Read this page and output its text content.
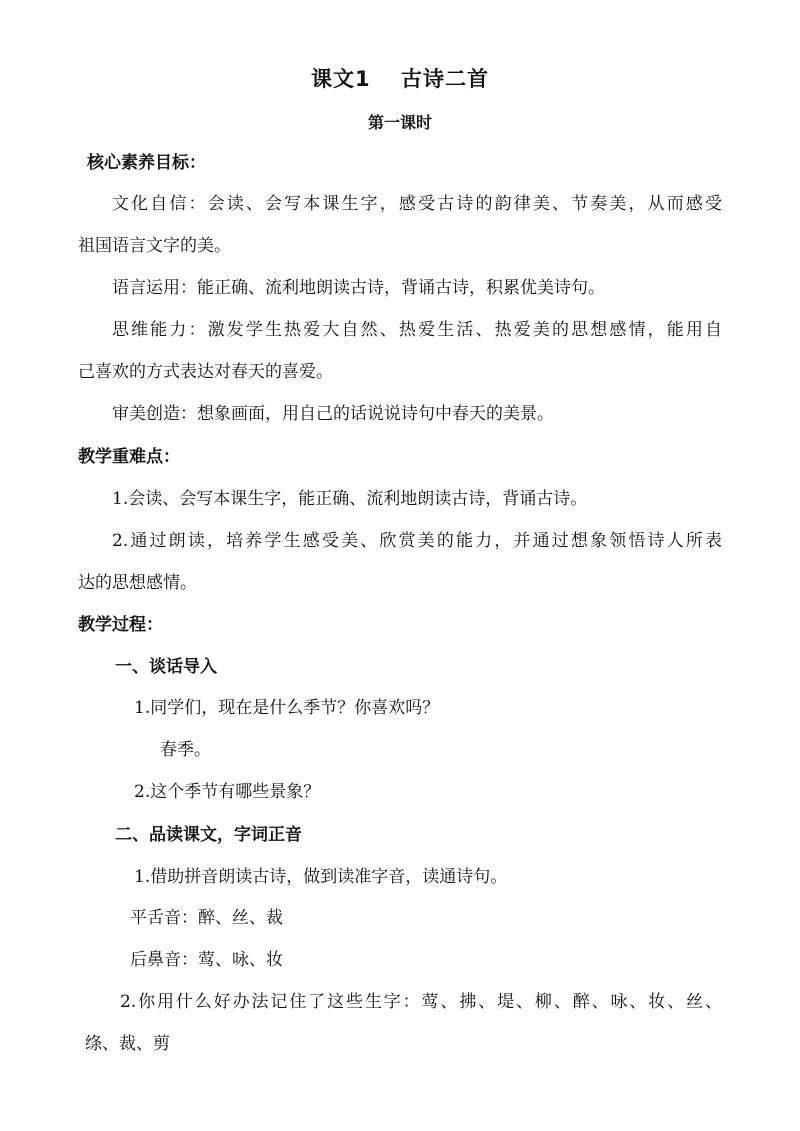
课文1　 古诗二首
第一课时
核心素养目标：
文化自信：会读、会写本课生字，感受古诗的韵律美、节奏美，从而感受
祖国语言文字的美。
语言运用：能正确、流利地朗读古诗，背诵古诗，积累优美诗句。
思维能力：激发学生热爱大自然、热爱生活、热爱美的思想感情，能用自
己喜欢的方式表达对春天的喜爱。
审美创造：想象画面，用自己的话说说诗句中春天的美景。
教学重难点：
1.会读、会写本课生字，能正确、流利地朗读古诗，背诵古诗。
2.通过朗读，培养学生感受美、欣赏美的能力，并通过想象领悟诗人所表
达的思想感情。
教学过程：
一、谈话导入
1.同学们，现在是什么季节？你喜欢吗？
春季。
2.这个季节有哪些景象？
二、品读课文，字词正音
1.借助拼音朗读古诗，做到读准字音，读通诗句。
平舌音：醉、丝、裁
后鼻音：莺、咏、妆
2.你用什么好办法记住了这些生字：莺、拂、堤、柳、醉、咏、妆、丝、
绦、裁、剪
